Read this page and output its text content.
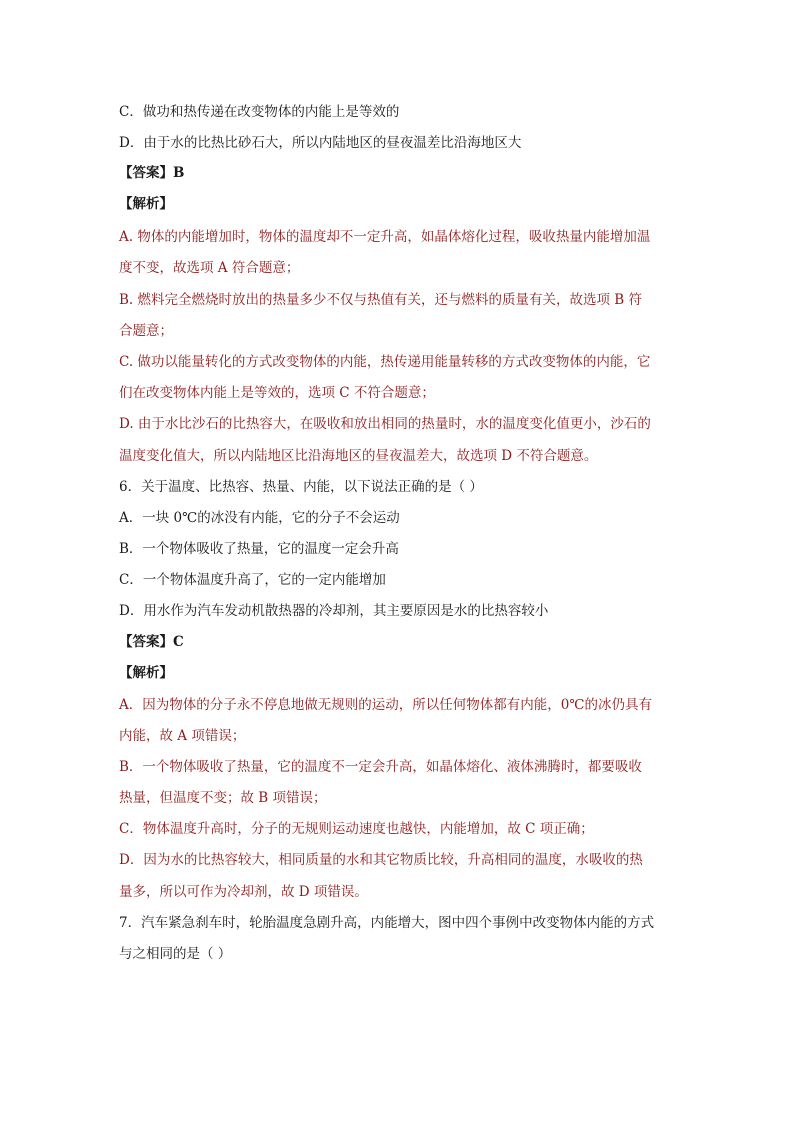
C．做功和热传递在改变物体的内能上是等效的
D．由于水的比热比砂石大，所以内陆地区的昼夜温差比沿海地区大
【答案】B
【解析】
A. 物体的内能增加时，物体的温度却不一定升高，如晶体熔化过程，吸收热量内能增加温
度不变，故选项 A 符合题意；
B. 燃料完全燃烧时放出的热量多少不仅与热值有关，还与燃料的质量有关，故选项 B 符
合题意；
C. 做功以能量转化的方式改变物体的内能，热传递用能量转移的方式改变物体的内能，它
们在改变物体内能上是等效的，选项 C 不符合题意；
D. 由于水比沙石的比热容大，在吸收和放出相同的热量时，水的温度变化值更小，沙石的
温度变化值大，所以内陆地区比沿海地区的昼夜温差大，故选项 D 不符合题意。
6．关于温度、比热容、热量、内能，以下说法正确的是（ ）
A．一块 0℃的冰没有内能，它的分子不会运动
B．一个物体吸收了热量，它的温度一定会升高
C．一个物体温度升高了，它的一定内能增加
D．用水作为汽车发动机散热器的冷却剂，其主要原因是水的比热容较小
【答案】C
【解析】
A．因为物体的分子永不停息地做无规则的运动，所以任何物体都有内能，0℃的冰仍具有
内能，故 A 项错误；
B．一个物体吸收了热量，它的温度不一定会升高，如晶体熔化、液体沸腾时，都要吸收
热量，但温度不变；故 B 项错误；
C．物体温度升高时，分子的无规则运动速度也越快，内能增加，故 C 项正确；
D．因为水的比热容较大，相同质量的水和其它物质比较，升高相同的温度，水吸收的热
量多，所以可作为冷却剂，故 D 项错误。
7．汽车紧急刹车时，轮胎温度急剧升高，内能增大，图中四个事例中改变物体内能的方式
与之相同的是（ ）
